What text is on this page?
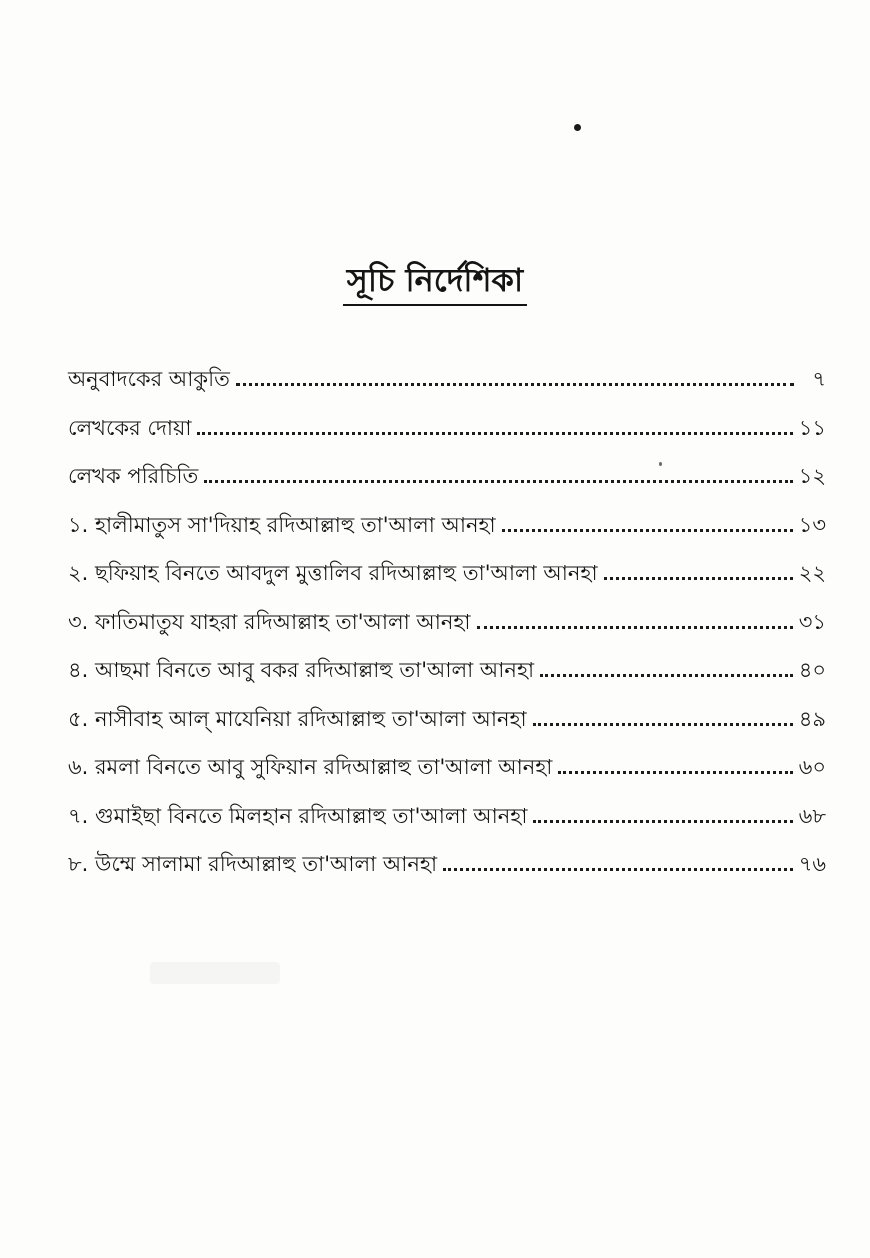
সূচি নির্দেশিকা
অনুবাদকের আকুতি	৭
লেখকের দোয়া	১১
লেখক পরিচিতি	১২
১. হালীমাতুস সা'দিয়াহ রদিআল্লাহু তা'আলা আনহা	১৩
২. ছফিয়াহ বিনতে আবদুল মুত্তালিব রদিআল্লাহু তা'আলা আনহা	২২
৩. ফাতিমাতুয যাহরা রদিআল্লাহ তা'আলা আনহা	৩১
৪. আছমা বিনতে আবু বকর রদিআল্লাহু তা'আলা আনহা	৪০
৫. নাসীবাহ আল্ মাযেনিয়া রদিআল্লাহু তা'আলা আনহা	৪৯
৬. রমলা বিনতে আবু সুফিয়ান রদিআল্লাহু তা'আলা আনহা	৬০
৭. গুমাইছা বিনতে মিলহান রদিআল্লাহু তা'আলা আনহা	৬৮
৮. উম্মে সালামা রদিআল্লাহু তা'আলা আনহা	৭৬
